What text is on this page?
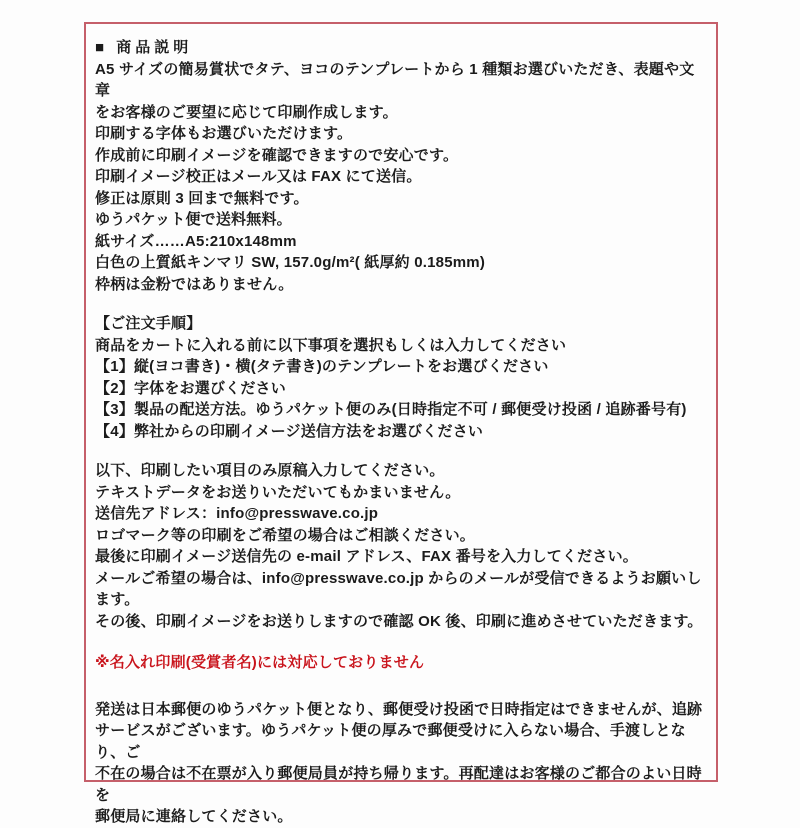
■ 商品説明
A5 サイズの簡易賞状でタテ、ヨコのテンプレートから 1 種類お選びいただき、表題や文章
をお客様のご要望に応じて印刷作成します。
印刷する字体もお選びいただけます。
作成前に印刷イメージを確認できますので安心です。
印刷イメージ校正はメール又は FAX にて送信。
修正は原則 3 回まで無料です。
ゆうパケット便で送料無料。
紙サイズ……A5:210x148mm
白色の上質紙キンマリ SW, 157.0g/m²( 紙厚約 0.185mm)
枠柄は金粉ではありません。
【ご注文手順】
商品をカートに入れる前に以下事項を選択もしくは入力してください
【1】縦(ヨコ書き)・横(タテ書き)のテンプレートをお選びください
【2】字体をお選びください
【3】製品の配送方法。ゆうパケット便のみ(日時指定不可 / 郵便受け投函 / 追跡番号有)
【4】弊社からの印刷イメージ送信方法をお選びください
以下、印刷したい項目のみ原稿入力してください。
テキストデータをお送りいただいてもかまいません。
送信先アドレス：info@presswave.co.jp
ロゴマーク等の印刷をご希望の場合はご相談ください。
最後に印刷イメージ送信先の e-mail アドレス、FAX 番号を入力してください。
メールご希望の場合は、info@presswave.co.jp からのメールが受信できるようお願いし
ます。
その後、印刷イメージをお送りしますので確認 OK 後、印刷に進めさせていただきます。
※名入れ印刷(受賞者名)には対応しておりません
発送は日本郵便のゆうパケット便となり、郵便受け投函で日時指定はできませんが、追跡
サービスがございます。ゆうパケット便の厚みで郵便受けに入らない場合、手渡しとなり、ご
不在の場合は不在票が入り郵便局員が持ち帰ります。再配達はお客様のご都合のよい日時を
郵便局に連絡してください。
